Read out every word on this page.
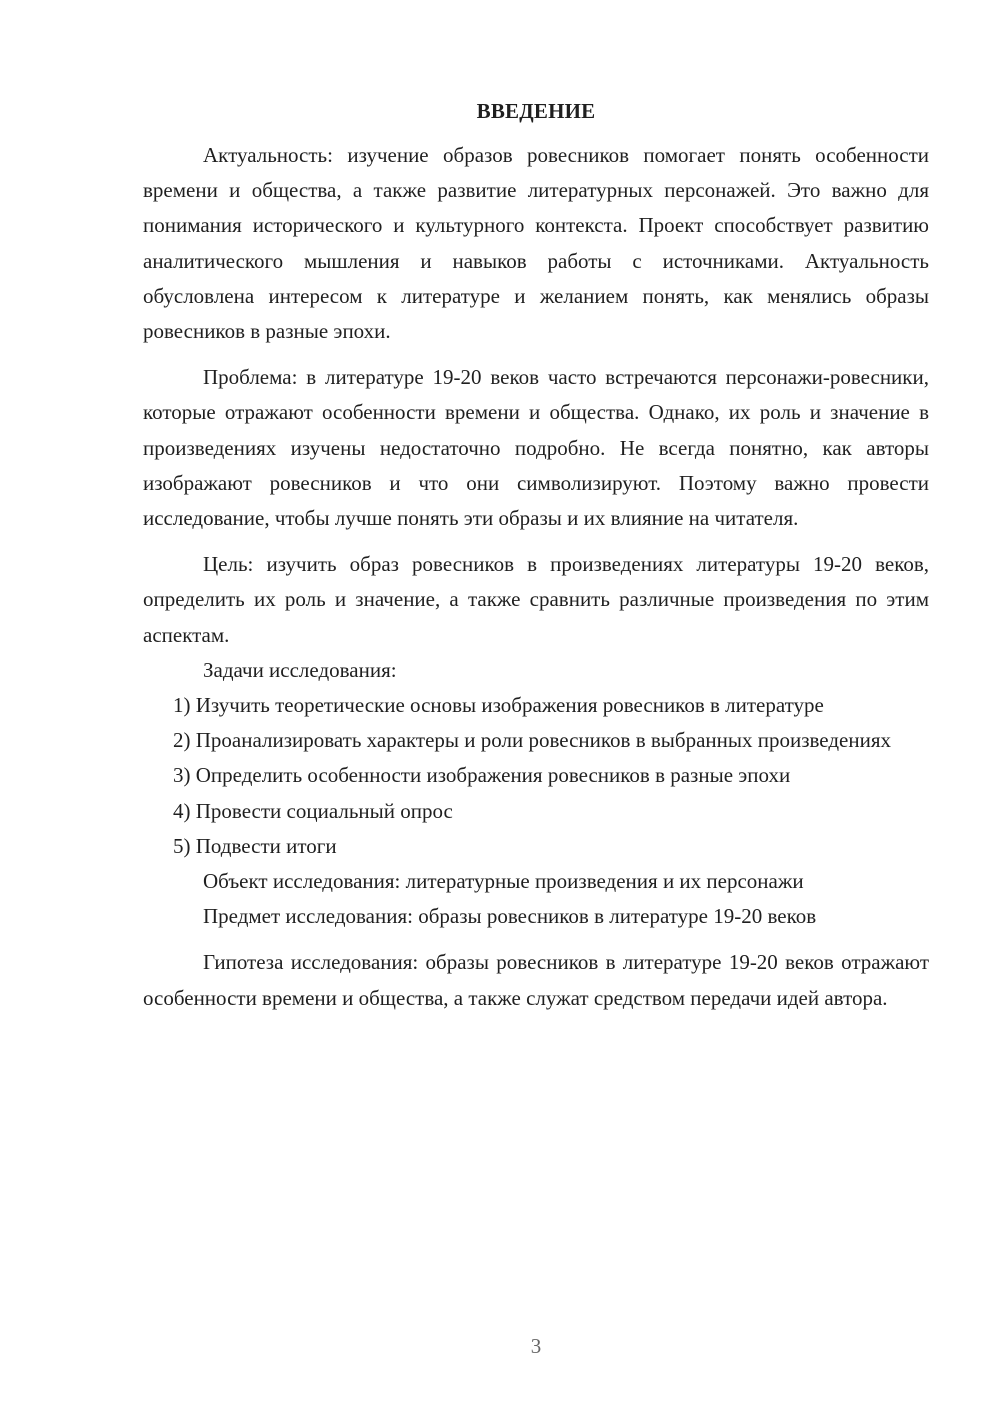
ВВЕДЕНИЕ

Актуальность: изучение образов ровесников помогает понять особенности времени и общества, а также развитие литературных персонажей. Это важно для понимания исторического и культурного контекста. Проект способствует развитию аналитического мышления и навыков работы с источниками. Актуальность обусловлена интересом к литературе и желанием понять, как менялись образы ровесников в разные эпохи.

Проблема: в литературе 19-20 веков часто встречаются персонажи-ровесники, которые отражают особенности времени и общества. Однако, их роль и значение в произведениях изучены недостаточно подробно. Не всегда понятно, как авторы изображают ровесников и что они символизируют. Поэтому важно провести исследование, чтобы лучше понять эти образы и их влияние на читателя.

Цель: изучить образ ровесников в произведениях литературы 19-20 веков, определить их роль и значение, а также сравнить различные произведения по этим аспектам.

Задачи исследования:

1) Изучить теоретические основы изображения ровесников в литературе

2) Проанализировать характеры и роли ровесников в выбранных произведениях

3) Определить особенности изображения ровесников в разные эпохи

4) Провести социальный опрос

5) Подвести итоги

Объект исследования: литературные произведения и их персонажи

Предмет исследования: образы ровесников в литературе 19-20 веков

Гипотеза исследования: образы ровесников в литературе 19-20 веков отражают особенности времени и общества, а также служат средством передачи идей автора.

3
